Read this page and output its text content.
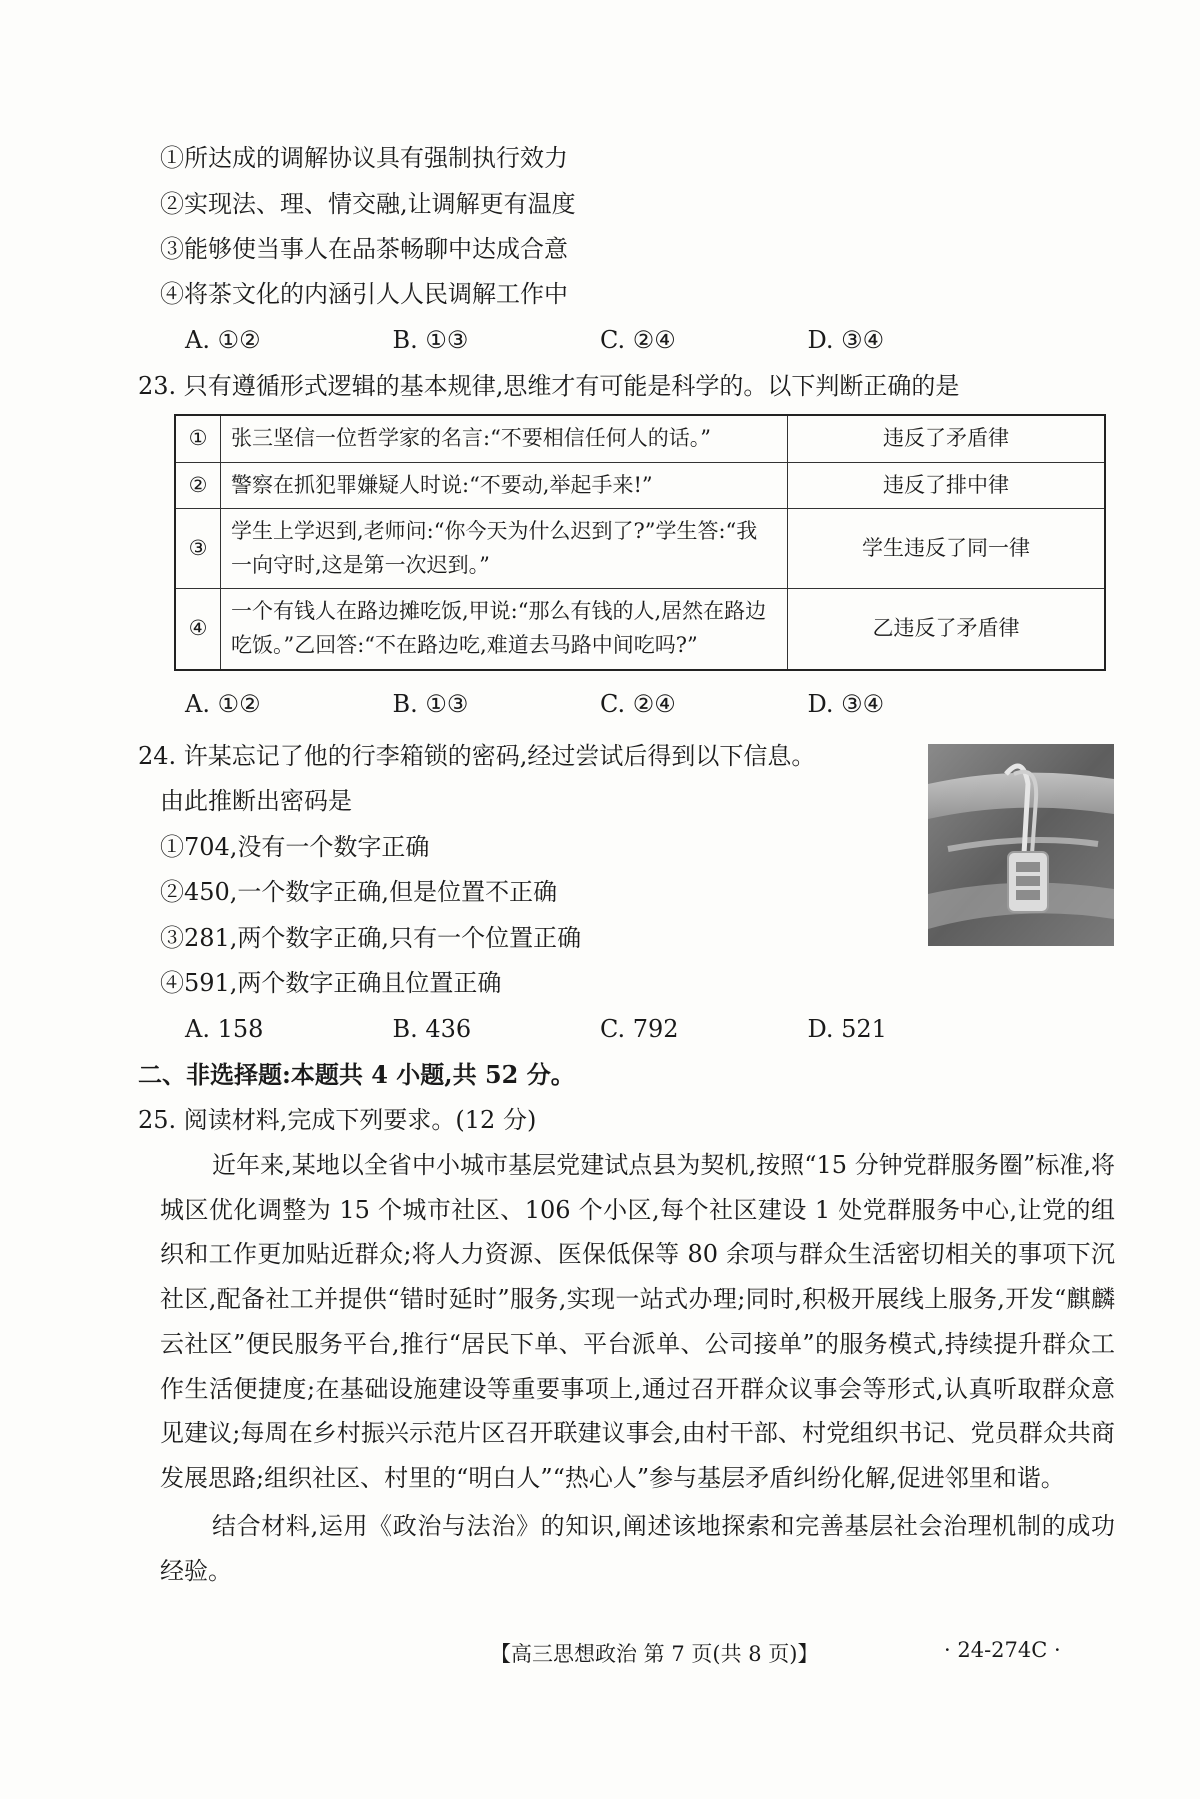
①所达成的调解协议具有强制执行效力
②实现法、理、情交融,让调解更有温度
③能够使当事人在品茶畅聊中达成合意
④将茶文化的内涵引人人民调解工作中
A. ①②	B. ①③	C. ②④	D. ③④
23. 只有遵循形式逻辑的基本规律,思维才有可能是科学的。以下判断正确的是
①	张三坚信一位哲学家的名言:“不要相信任何人的话。”	违反了矛盾律
②	警察在抓犯罪嫌疑人时说:“不要动,举起手来!”	违反了排中律
③	学生上学迟到,老师问:“你今天为什么迟到了?”学生答:“我一向守时,这是第一次迟到。”	学生违反了同一律
④	一个有钱人在路边摊吃饭,甲说:“那么有钱的人,居然在路边吃饭。”乙回答:“不在路边吃,难道去马路中间吃吗?”	乙违反了矛盾律
A. ①②	B. ①③	C. ②④	D. ③④
24. 许某忘记了他的行李箱锁的密码,经过尝试后得到以下信息。
由此推断出密码是
①704,没有一个数字正确
②450,一个数字正确,但是位置不正确
③281,两个数字正确,只有一个位置正确
④591,两个数字正确且位置正确
A. 158	B. 436	C. 792	D. 521
二、非选择题:本题共 4 小题,共 52 分。
25. 阅读材料,完成下列要求。(12 分)
近年来,某地以全省中小城市基层党建试点县为契机,按照“15 分钟党群服务圈”标准,将城区优化调整为 15 个城市社区、106 个小区,每个社区建设 1 处党群服务中心,让党的组织和工作更加贴近群众;将人力资源、医保低保等 80 余项与群众生活密切相关的事项下沉社区,配备社工并提供“错时延时”服务,实现一站式办理;同时,积极开展线上服务,开发“麒麟云社区”便民服务平台,推行“居民下单、平台派单、公司接单”的服务模式,持续提升群众工作生活便捷度;在基础设施建设等重要事项上,通过召开群众议事会等形式,认真听取群众意见建议;每周在乡村振兴示范片区召开联建议事会,由村干部、村党组织书记、党员群众共商发展思路;组织社区、村里的“明白人”“热心人”参与基层矛盾纠纷化解,促进邻里和谐。
结合材料,运用《政治与法治》的知识,阐述该地探索和完善基层社会治理机制的成功经验。
【高三思想政治 第 7 页(共 8 页)】	· 24-274C ·
